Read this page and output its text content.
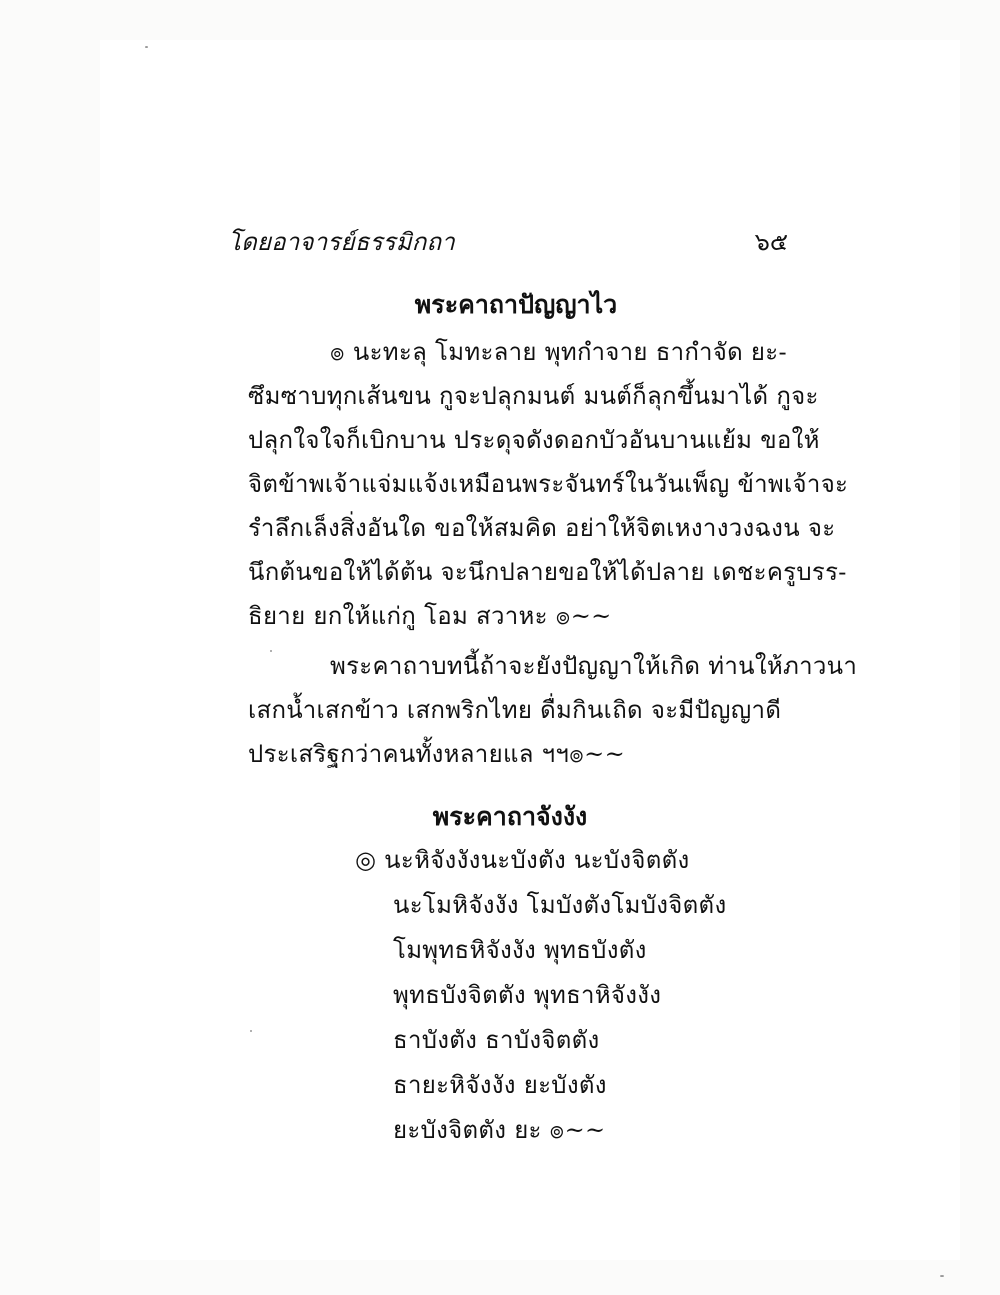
โดยอาจารย์ธรรมิกถา	๖๕
พระคาถาปัญญาไว
๏ นะทะลุ โมทะลาย พุทกำจาย ธากำจัด ยะ-
ซึมซาบทุกเส้นขน กูจะปลุกมนต์ มนต์ก็ลุกขึ้นมาได้ กูจะ
ปลุกใจใจก็เบิกบาน ประดุจดังดอกบัวอันบานแย้ม ขอให้
จิตข้าพเจ้าแจ่มแจ้งเหมือนพระจันทร์ในวันเพ็ญ ข้าพเจ้าจะ
รำลึกเล็งสิ่งอันใด ขอให้สมคิด อย่าให้จิตเหงางวงฉงน จะ
นึกต้นขอให้ได้ต้น จะนึกปลายขอให้ได้ปลาย เดชะครูบรร-
ธิยาย ยกให้แก่กู โอม สวาหะ ๏~~
พระคาถาบทนี้ถ้าจะยังปัญญาให้เกิด ท่านให้ภาวนา
เสกน้ำเสกข้าว เสกพริกไทย ดื่มกินเถิด จะมีปัญญาดี
ประเสริฐกว่าคนทั้งหลายแล ฯฯ๏~~
พระคาถาจังงัง
◎ นะหิจังงังนะบังตัง นะบังจิตตัง
นะโมหิจังงัง โมบังตังโมบังจิตตัง
โมพุทธหิจังงัง พุทธบังตัง
พุทธบังจิตตัง พุทธาหิจังงัง
ธาบังตัง ธาบังจิตตัง
ธายะหิจังงัง ยะบังตัง
ยะบังจิตตัง ยะ ๏~~
